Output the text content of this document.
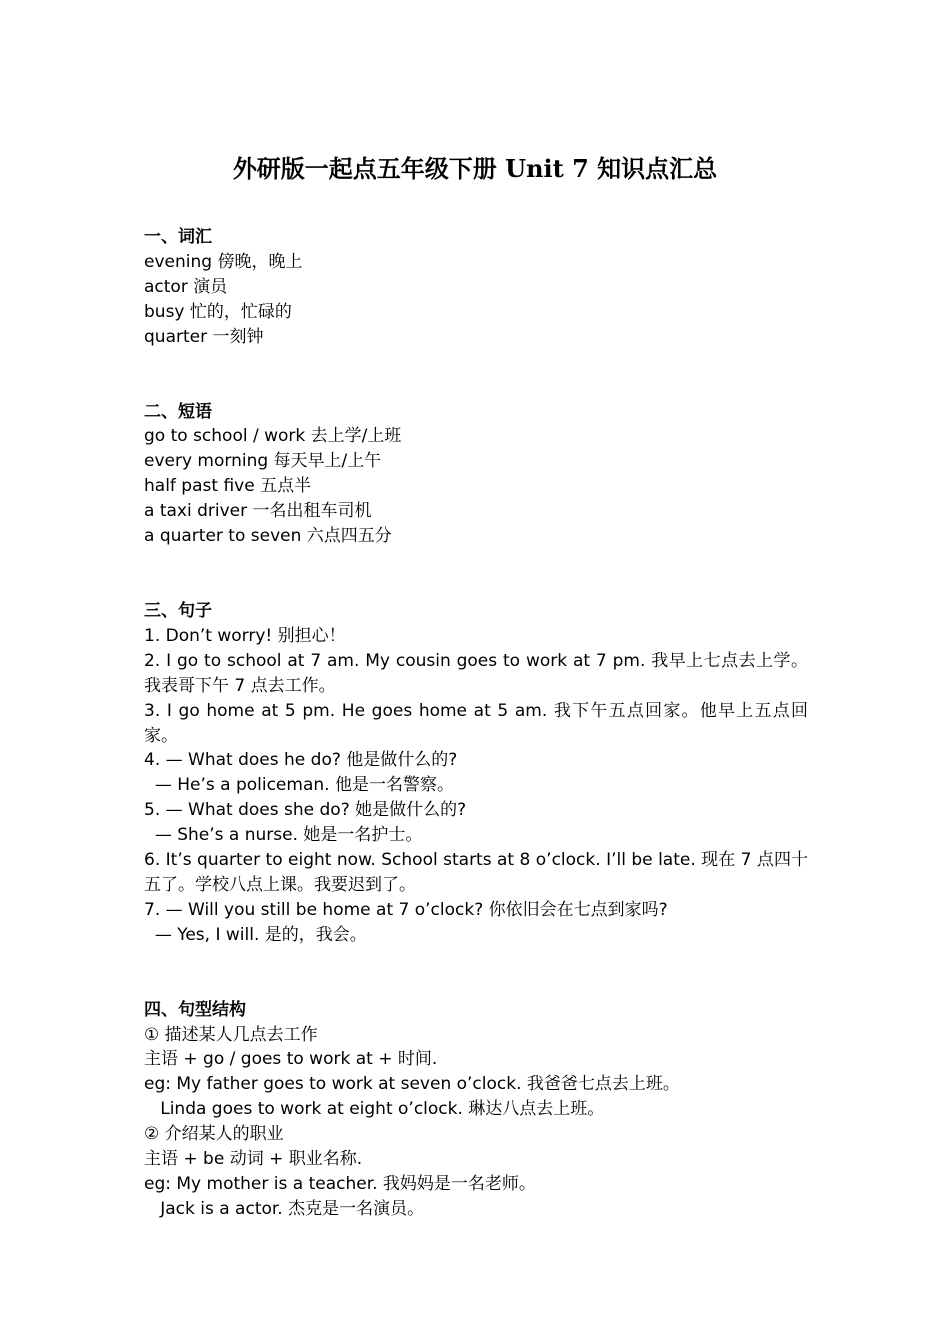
外研版一起点五年级下册 Unit 7 知识点汇总

一、词汇

evening 傍晚，晚上

actor 演员

busy 忙的，忙碌的

quarter 一刻钟

二、短语

go to school / work 去上学/上班

every morning 每天早上/上午

half past five 五点半

a taxi driver 一名出租车司机

a quarter to seven 六点四五分

三、句子

1. Don’t worry! 别担心！

2. I go to school at 7 am. My cousin goes to work at 7 pm. 我早上七点去上学。我表哥下午 7 点去工作。

3. I go home at 5 pm. He goes home at 5 am. 我下午五点回家。他早上五点回家。

4. — What does he do? 他是做什么的?

— He’s a policeman. 他是一名警察。

5. — What does she do? 她是做什么的?

— She’s a nurse. 她是一名护士。

6. It’s quarter to eight now. School starts at 8 o’clock. I’ll be late. 现在 7 点四十五了。学校八点上课。我要迟到了。

7. — Will you still be home at 7 o’clock? 你依旧会在七点到家吗?

— Yes, I will. 是的，我会。

四、句型结构

① 描述某人几点去工作

主语 + go / goes to work at + 时间.

eg: My father goes to work at seven o’clock. 我爸爸七点去上班。

Linda goes to work at eight o’clock. 琳达八点去上班。

② 介绍某人的职业

主语 + be 动词 + 职业名称.

eg: My mother is a teacher. 我妈妈是一名老师。

Jack is a actor. 杰克是一名演员。
